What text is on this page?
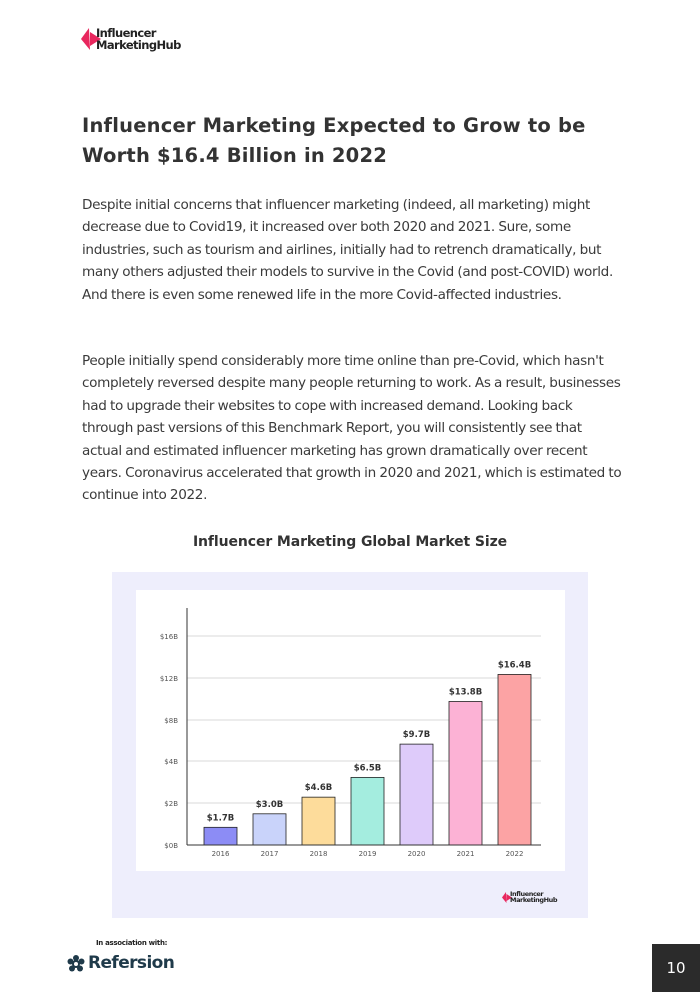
Influencer
MarketingHub
Influencer Marketing Expected to Grow to be Worth $16.4 Billion in 2022

Despite initial concerns that influencer marketing (indeed, all marketing) might decrease due to Covid19, it increased over both 2020 and 2021. Sure, some industries, such as tourism and airlines, initially had to retrench dramatically, but many others adjusted their models to survive in the Covid (and post-COVID) world. And there is even some renewed life in the more Covid-affected industries.

People initially spend considerably more time online than pre-Covid, which hasn't completely reversed despite many people returning to work. As a result, businesses had to upgrade their websites to cope with increased demand. Looking back through past versions of this Benchmark Report, you will consistently see that actual and estimated influencer marketing has grown dramatically over recent years. Coronavirus accelerated that growth in 2020 and 2021, which is estimated to continue into 2022.

Influencer Marketing Global Market Size
$0B
$2B
$4B
$8B
$12B
$16B
$1.7B
2016
$3.0B
2017
$4.6B
2018
$6.5B
2019
$9.7B
2020
$13.8B
2021
$16.4B
2022
Influencer
MarketingHub
In association with:
Refersion	10
